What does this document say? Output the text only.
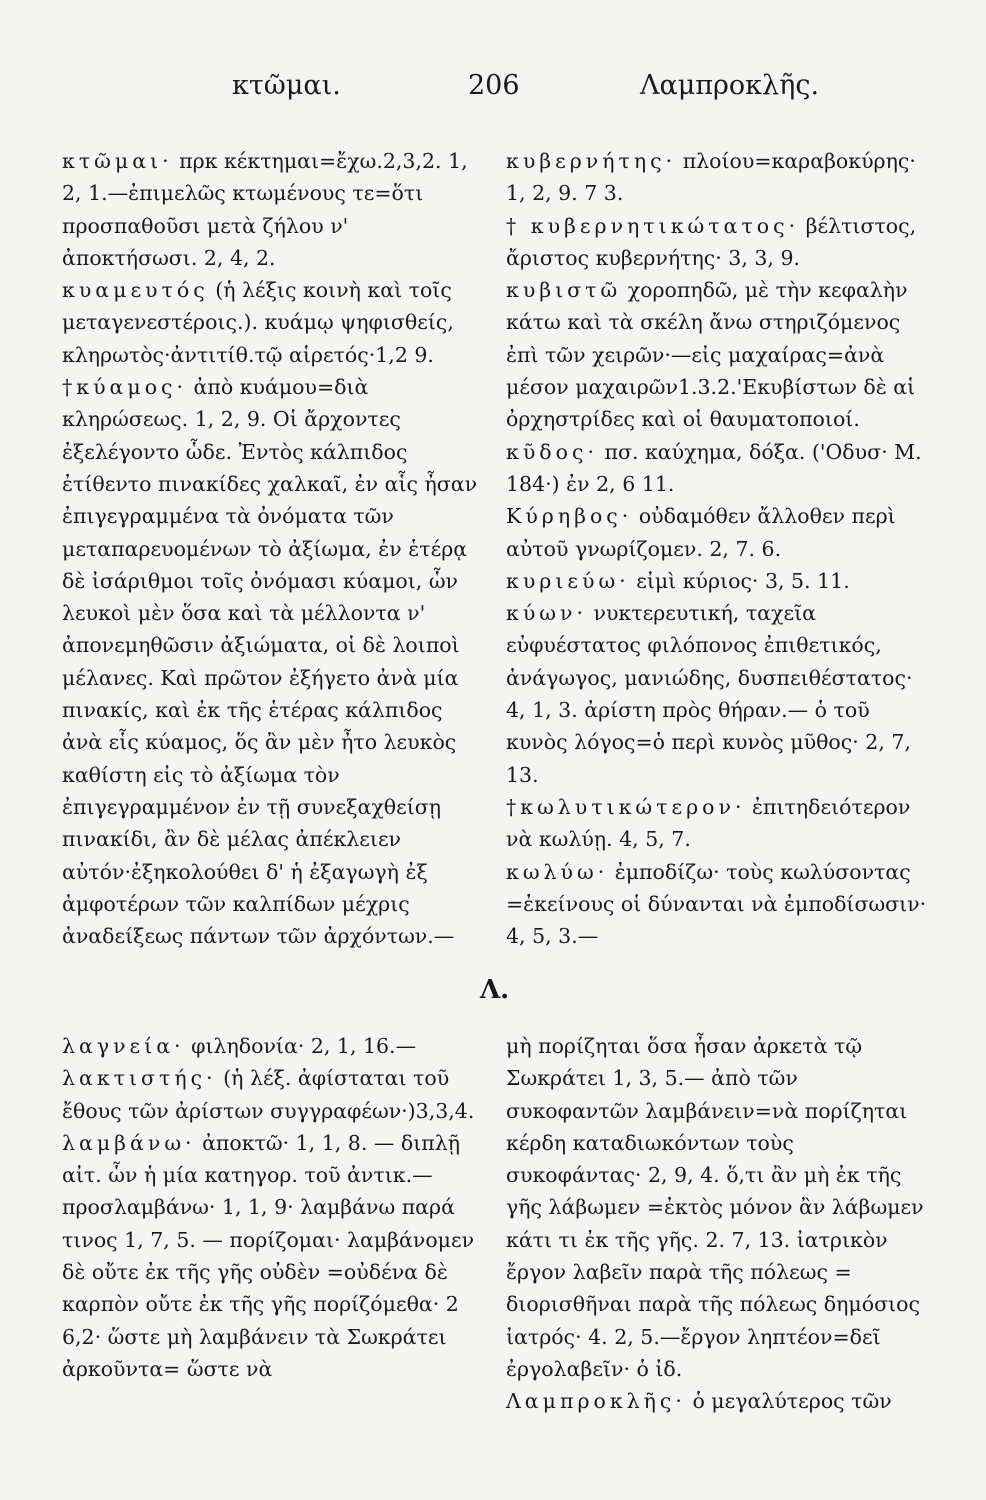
κτῶμαι.	206	Λαμπροκλῆς.

κτῶμαι· πρκ κέκτημαι=ἔχω.2,3,2. 1, 2, 1.—ἐπιμελῶς κτωμένους τε=ὅτι προσπαθοῦσι μετὰ ζήλου ν' ἀποκτήσωσι. 2, 4, 2.

κυαμευτός (ἡ λέξις κοινὴ καὶ τοῖς μεταγενεστέροις.). κυάμῳ ψηφισθείς, κληρωτὸς·ἀντιτίθ.τῷ αἱρετός·1,2 9.

†κύαμος· ἀπὸ κυάμου=διὰ κληρώσεως. 1, 2, 9. Οἱ ἄρχοντες ἐξελέγοντο ὧδε. Ἐντὸς κάλπιδος ἐτίθεντο πινακίδες χαλκαῖ, ἐν αἷς ἦσαν ἐπιγεγραμμένα τὰ ὀνόματα τῶν μεταπαρευομένων τὸ ἀξίωμα, ἐν ἑτέρᾳ δὲ ἰσάριθμοι τοῖς ὀνόμασι κύαμοι, ὧν λευκοὶ μὲν ὅσα καὶ τὰ μέλλοντα ν' ἀπονεμηθῶσιν ἀξιώματα, οἱ δὲ λοιποὶ μέλανες. Καὶ πρῶτον ἐξήγετο ἀνὰ μία πινακίς, καὶ ἐκ τῆς ἑτέρας κάλπιδος ἀνὰ εἷς κύαμος, ὅς ἂν μὲν ἦτο λευκὸς καθίστη εἰς τὸ ἀξίωμα τὸν ἐπιγεγραμμένον ἐν τῇ συνεξαχθείσῃ πινακίδι, ἂν δὲ μέλας ἀπέκλειεν αὐτόν·ἐξηκολούθει δ' ἡ ἐξαγωγὴ ἐξ ἀμφοτέρων τῶν καλπίδων μέχρις ἀναδείξεως πάντων τῶν ἀρχόντων.—

κυβερνήτης· πλοίου=καραβοκύρης· 1, 2, 9. 7 3.

† κυβερνητικώτατος· βέλτιστος, ἄριστος κυβερνήτης· 3, 3, 9.

κυβιστῶ χοροπηδῶ, μὲ τὴν κεφαλὴν κάτω καὶ τὰ σκέλη ἄνω στηριζόμενος ἐπὶ τῶν χειρῶν·—εἰς μαχαίρας=ἀνὰ μέσον μαχαιρῶν1.3.2.'Εκυβίστων δὲ αἱ ὀρχηστρίδες καὶ οἱ θαυματοποιοί.

κῦδος· πσ. καύχημα, δόξα. ('Οδυσ· Μ. 184·) ἐν 2, 6 11.

Κύρηβος· οὐδαμόθεν ἄλλοθεν περὶ αὐτοῦ γνωρίζομεν. 2, 7. 6.

κυριεύω· εἰμὶ κύριος· 3, 5. 11.

κύων· νυκτερευτική, ταχεῖα εὐφυέστατος φιλόπονος ἐπιθετικός, ἀνάγωγος, μανιώδης, δυσπειθέστατος· 4, 1, 3. ἀρίστη πρὸς θήραν.— ὁ τοῦ κυνὸς λόγος=ὁ περὶ κυνὸς μῦθος· 2, 7, 13.

†κωλυτικώτερον· ἐπιτηδειότερον νὰ κωλύῃ. 4, 5, 7.

κωλύω· ἐμποδίζω· τοὺς κωλύσοντας =ἐκείνους οἱ δύνανται νὰ ἐμποδίσωσιν· 4, 5, 3.—

Λ.

λαγνεία· φιληδονία· 2, 1, 16.—

λακτιστής· (ἡ λέξ. ἀφίσταται τοῦ ἔθους τῶν ἀρίστων συγγραφέων·)3,3,4.

λαμβάνω· ἀποκτῶ· 1, 1, 8. — διπλῇ αἰτ. ὧν ἡ μία κατηγορ. τοῦ ἀντικ.—προσλαμβάνω· 1, 1, 9· λαμβάνω παρά τινος 1, 7, 5. — πορίζομαι· λαμβάνομεν δὲ οὔτε ἐκ τῆς γῆς οὐδὲν =οὐδένα δὲ καρπὸν οὔτε ἐκ τῆς γῆς πορίζόμεθα· 2 6,2· ὥστε μὴ λαμβάνειν τὰ Σωκράτει ἀρκοῦντα= ὥστε νὰ

μὴ πορίζηται ὅσα ἦσαν ἀρκετὰ τῷ Σωκράτει 1, 3, 5.— ἀπὸ τῶν συκοφαντῶν λαμβάνειν=νὰ πορίζηται κέρδη καταδιωκόντων τοὺς συκοφάντας· 2, 9, 4. ὅ,τι ἂν μὴ ἐκ τῆς γῆς λάβωμεν =ἐκτὸς μόνον ἂν λάβωμεν κάτι τι ἐκ τῆς γῆς. 2. 7, 13. ἰατρικὸν ἔργον λαβεῖν παρὰ τῆς πόλεως = διορισθῆναι παρὰ τῆς πόλεως δημόσιος ἰατρός· 4. 2, 5.—ἔργον ληπτέον=δεῖ ἐργολαβεῖν· ὁ ἰδ.

Λαμπροκλῆς· ὁ μεγαλύτερος τῶν
